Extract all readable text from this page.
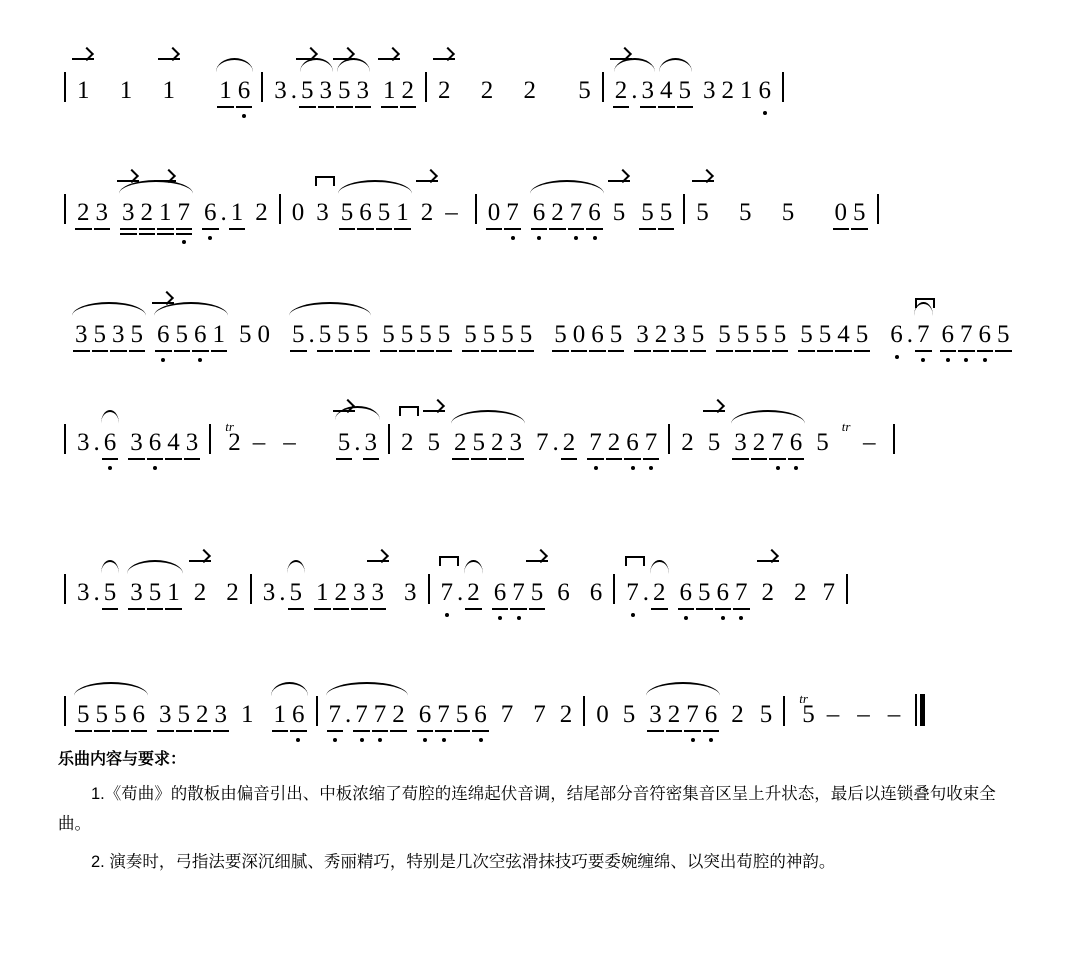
1
1
1
1 6 3 . 5 3 5 3 1 2 2
2
2
5 2 . 3 4 5 3 2 1 6
2 3 3 2 1 7 6 . 1 2 0 3 5 6 5 1 2 –	0 7 6 2 7 6 5 5 5 5
5
5
0 5
3 5 3 5 6 5 6 1 5 0 5 . 5 5 5 5 5 5 5 5 5 5 5 5 0 6 5 3 2 3 5 5 5 5 5 5 5 4 5 6 . 7 6 7 6 5
3 . 6 3 6 4 3 2
tr
– –	5 . 3 2 5 2 5 2 3 7 . 2 7 2 6 7 2 5 3 2 7 6 5

tr
–
3 . 5 3 5 1 2 2 3 . 5 1 2 3 3 3 7 . 2 6 7 5 6 6 7 . 2 6 5 6 7 2 2 7
5 5 5 6 3 5 2 3 1 1 6 7 . 7 7 2 6 7 5 6 7 7 2 0 5 3 2 7 6 2 5 5
tr
– – –
乐曲内容与要求：

1.《荀曲》的散板由偏音引出、中板浓缩了荀腔的连绵起伏音调，结尾部分音符密集音区呈上升状态，最后以连锁叠句收束全曲。

2. 演奏时，弓指法要深沉细腻、秀丽精巧，特别是几次空弦滑抹技巧要委婉缠绵、以突出荀腔的神韵。
